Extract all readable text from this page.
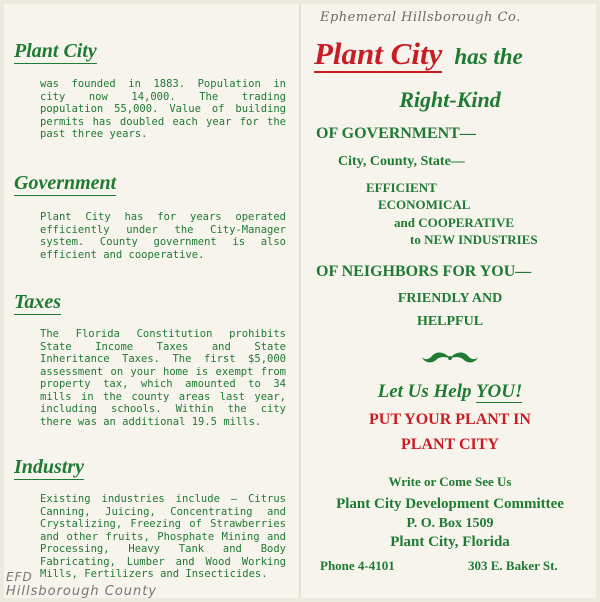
Plant City
was founded in 1883. Population in city now 14,000. The trading population 55,000. Value of building permits has doubled each year for the past three years.
Government
Plant City has for years operated efficiently under the City-Manager system. County government is also efficient and cooperative.
Taxes
The Florida Constitution prohibits State Income Taxes and State Inheritance Taxes. The first $5,000 assessment on your home is exempt from property tax, which amounted to 34 mills in the county areas last year, including schools. Within the city there was an additional 19.5 mills.
Industry
Existing industries include — Citrus Canning, Juicing, Concentrating and Crystalizing, Freezing of Strawberries and other fruits, Phosphate Mining and Processing, Heavy Tank and Body Fabricating, Lumber and Wood Working Mills, Fertilizers and Insecticides.
EFD
Hillsborough County
Ephemeral Hillsborough Co.
Plant City has the
Right-Kind
OF GOVERNMENT—
City, County, State—
EFFICIENT
ECONOMICAL
and COOPERATIVE
to NEW INDUSTRIES
OF NEIGHBORS FOR YOU—
FRIENDLY AND
HELPFUL
Let Us Help YOU!
PUT YOUR PLANT IN
PLANT CITY
Write or Come See Us
Plant City Development Committee
P. O. Box 1509
Plant City, Florida
Phone 4-4101	303 E. Baker St.
